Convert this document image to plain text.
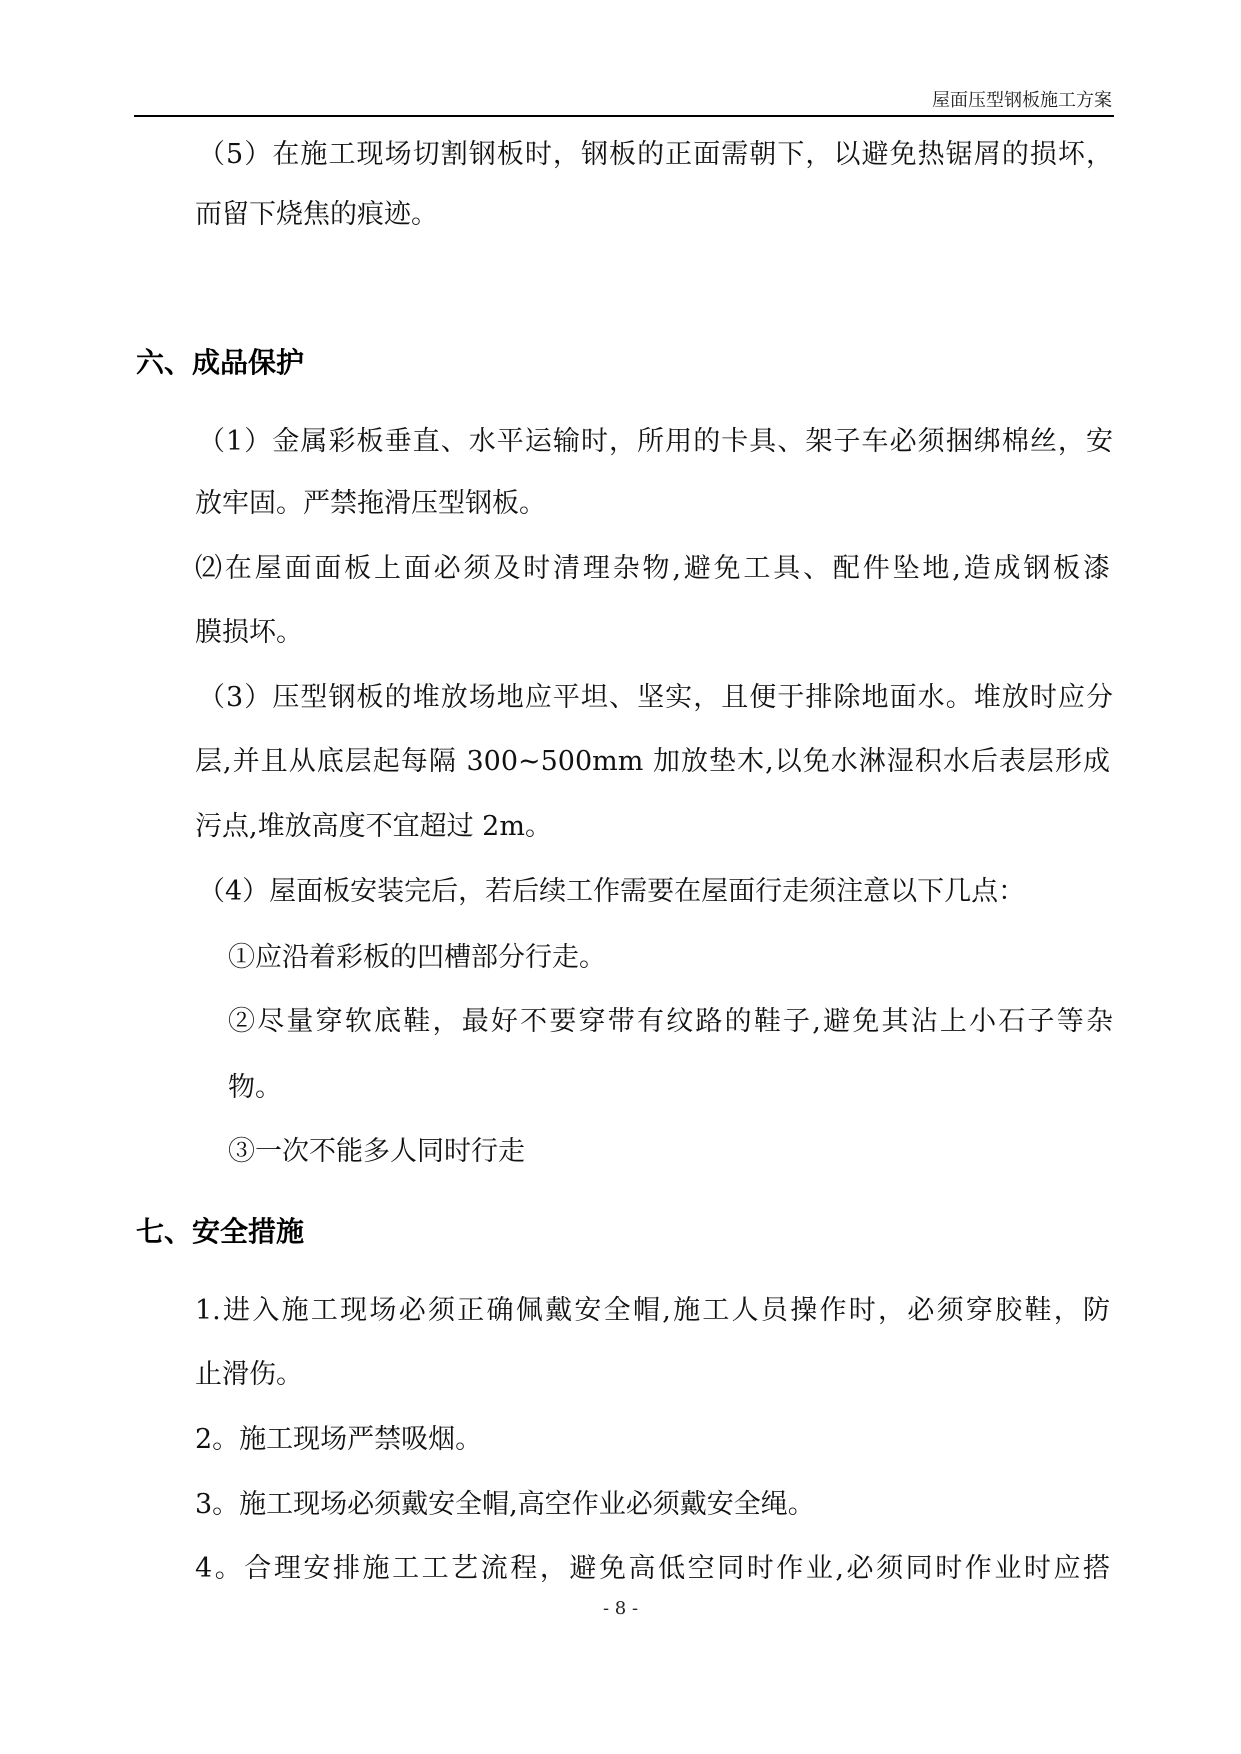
屋面压型钢板施工方案
（5）在施工现场切割钢板时，钢板的正面需朝下，以避免热锯屑的损坏，
而留下烧焦的痕迹。
六、成品保护
（1）金属彩板垂直、水平运输时，所用的卡具、架子车必须捆绑棉丝，安
放牢固。严禁拖滑压型钢板。
⑵在屋面面板上面必须及时清理杂物,避免工具、配件坠地,造成钢板漆
膜损坏。
（3）压型钢板的堆放场地应平坦、坚实，且便于排除地面水。堆放时应分
层,并且从底层起每隔 300~500mm 加放垫木,以免水淋湿积水后表层形成
污点,堆放高度不宜超过 2m。
（4）屋面板安装完后，若后续工作需要在屋面行走须注意以下几点：
①应沿着彩板的凹槽部分行走。
②尽量穿软底鞋，最好不要穿带有纹路的鞋子,避免其沾上小石子等杂
物。
③一次不能多人同时行走
七、安全措施
1.进入施工现场必须正确佩戴安全帽,施工人员操作时，必须穿胶鞋，防
止滑伤。
2。施工现场严禁吸烟。
3。施工现场必须戴安全帽,高空作业必须戴安全绳。
4。合理安排施工工艺流程，避免高低空同时作业,必须同时作业时应搭
- 8 -
